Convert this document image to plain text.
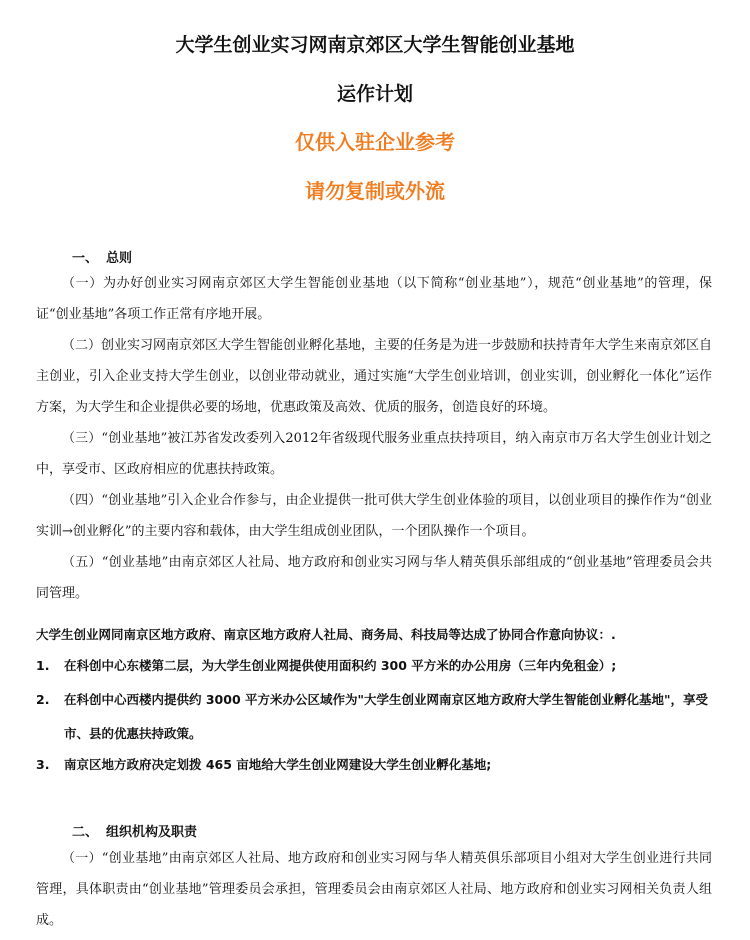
大学生创业实习网南京郊区大学生智能创业基地
运作计划
仅供入驻企业参考
请勿复制或外流
一、 总则

（一）为办好创业实习网南京郊区大学生智能创业基地（以下简称“创业基地”），规范“创业基地”的管理，保证“创业基地”各项工作正常有序地开展。

（二）创业实习网南京郊区大学生智能创业孵化基地，主要的任务是为进一步鼓励和扶持青年大学生来南京郊区自主创业，引入企业支持大学生创业，以创业带动就业，通过实施“大学生创业培训，创业实训，创业孵化一体化”运作方案，为大学生和企业提供必要的场地，优惠政策及高效、优质的服务，创造良好的环境。

（三）“创业基地”被江苏省发改委列入2012年省级现代服务业重点扶持项目，纳入南京市万名大学生创业计划之中，享受市、区政府相应的优惠扶持政策。

（四）“创业基地”引入企业合作参与，由企业提供一批可供大学生创业体验的项目，以创业项目的操作作为“创业实训→创业孵化”的主要内容和载体，由大学生组成创业团队，一个团队操作一个项目。

（五）“创业基地”由南京郊区人社局、地方政府和创业实习网与华人精英俱乐部组成的“创业基地”管理委员会共同管理。

大学生创业网同南京区地方政府、南京区地方政府人社局、商务局、科技局等达成了协同合作意向协议：.
1. 在科创中心东楼第二层，为大学生创业网提供使用面积约 300 平方米的办公用房（三年内免租金）;
2. 在科创中心西楼内提供约 3000 平方米办公区域作为"大学生创业网南京区地方政府大学生智能创业孵化基地"，享受市、县的优惠扶持政策。
3. 南京区地方政府决定划拨 465 亩地给大学生创业网建设大学生创业孵化基地;
二、 组织机构及职责

（一）“创业基地”由南京郊区人社局、地方政府和创业实习网与华人精英俱乐部项目小组对大学生创业进行共同管理，具体职责由“创业基地”管理委员会承担，管理委员会由南京郊区人社局、地方政府和创业实习网相关负责人组成。
